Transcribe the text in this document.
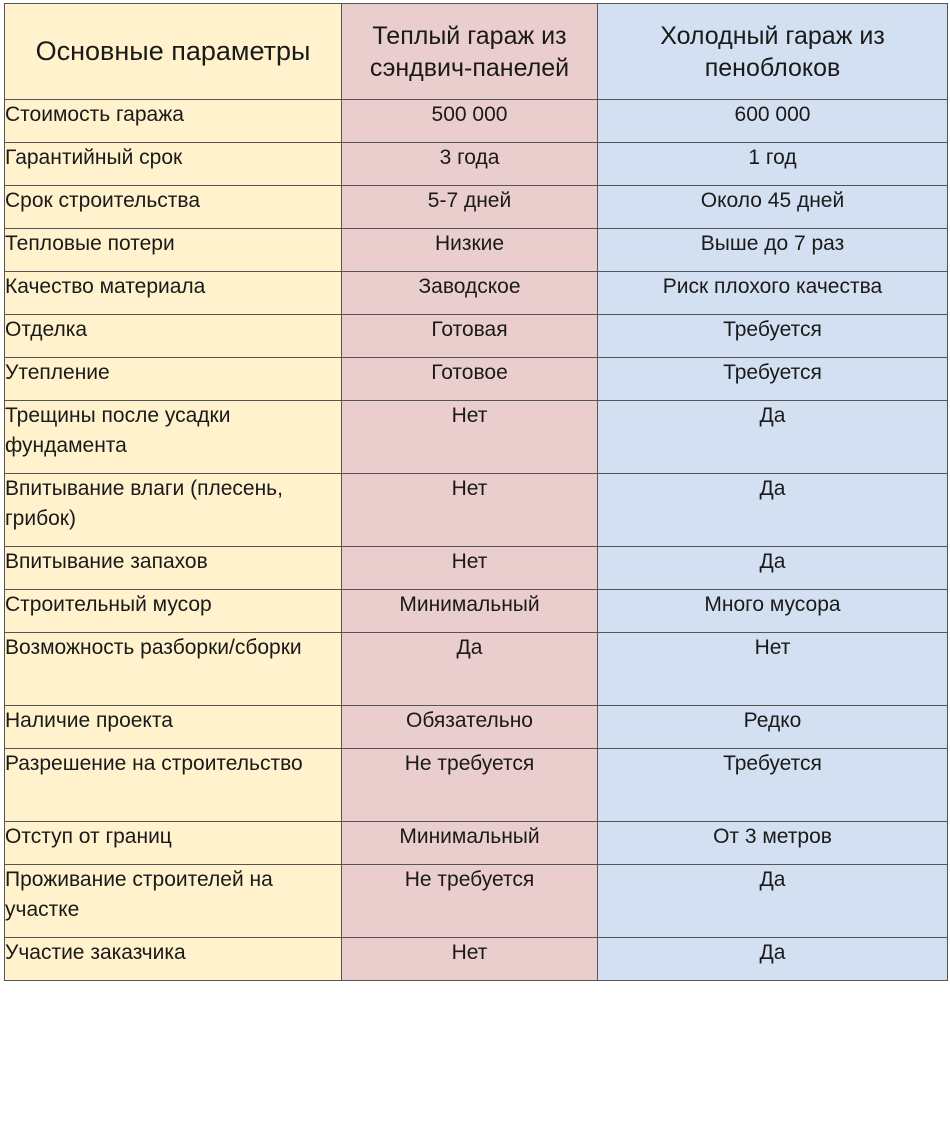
Основные параметры	Теплый гараж из сэндвич-панелей	Холодный гараж из пеноблоков
Стоимость гаража	500 000	600 000
Гарантийный срок	3 года	1 год
Срок строительства	5-7 дней	Около 45 дней
Тепловые потери	Низкие	Выше до 7 раз
Качество материала	Заводское	Риск плохого качества
Отделка	Готовая	Требуется
Утепление	Готовое	Требуется
Трещины после усадки фундамента	Нет	Да
Впитывание влаги (плесень, грибок)	Нет	Да
Впитывание запахов	Нет	Да
Строительный мусор	Минимальный	Много мусора
Возможность разборки/сборки	Да	Нет
Наличие проекта	Обязательно	Редко
Разрешение на строительство	Не требуется	Требуется
Отступ от границ	Минимальный	От 3 метров
Проживание строителей на участке	Не требуется	Да
Участие заказчика	Нет	Да
